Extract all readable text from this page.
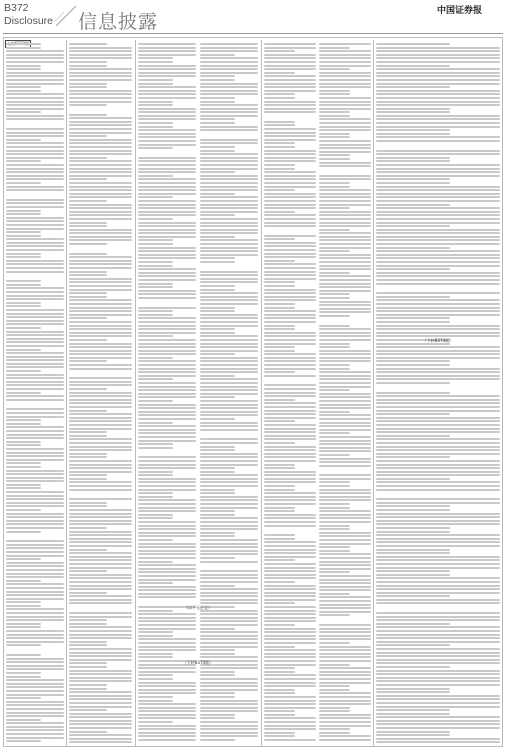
B372
Disclosure 信息披露	中国证券报
（下转B374版）
（以下无正文）
（下转B374版）
